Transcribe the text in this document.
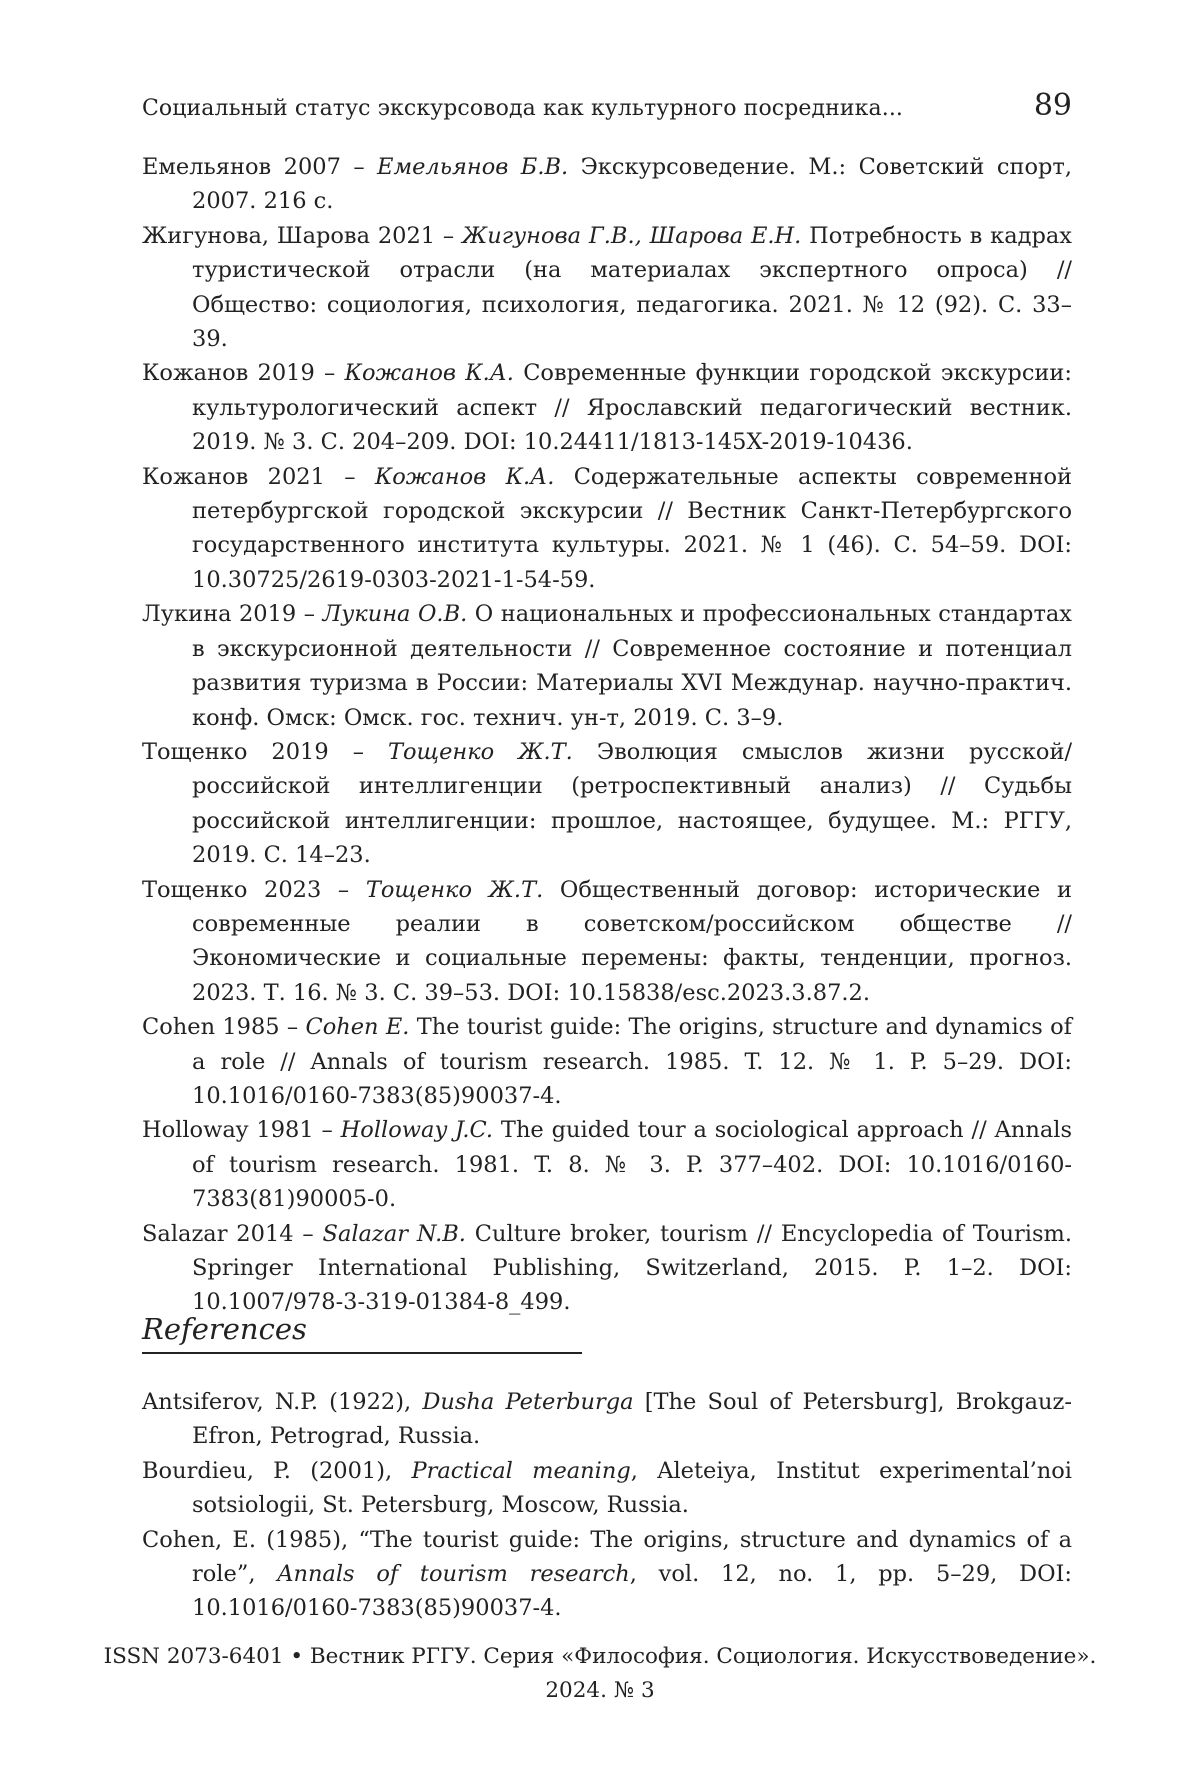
Социальный статус экскурсовода как культурного посредника...	89

Емельянов 2007 – Емельянов Б.В. Экскурсоведение. М.: Советский спорт, 2007. 216 с.

Жигунова, Шарова 2021 – Жигунова Г.В., Шарова Е.Н. Потребность в кадрах туристической отрасли (на материалах экспертного опроса) // Общество: социология, психология, педагогика. 2021. № 12 (92). С. 33–39.

Кожанов 2019 – Кожанов К.А. Современные функции городской экскурсии: культурологический аспект // Ярославский педагогический вестник. 2019. № 3. С. 204–209. DOI: 10.24411/1813-145X-2019-10436.

Кожанов 2021 – Кожанов К.А. Содержательные аспекты современной петербургской городской экскурсии // Вестник Санкт-Петербургского государственного института культуры. 2021. № 1 (46). С. 54–59. DOI: 10.30725/2619-0303-2021-1-54-59.

Лукина 2019 – Лукина О.В. О национальных и профессиональных стандартах в экскурсионной деятельности // Современное состояние и потенциал развития туризма в России: Материалы XVI Междунар. научно-практич. конф. Омск: Омск. гос. технич. ун-т, 2019. С. 3–9.

Тощенко 2019 – Тощенко Ж.Т. Эволюция смыслов жизни русской/российской интеллигенции (ретроспективный анализ) // Судьбы российской интеллигенции: прошлое, настоящее, будущее. М.: РГГУ, 2019. С. 14–23.

Тощенко 2023 – Тощенко Ж.Т. Общественный договор: исторические и современные реалии в советском/российском обществе // Экономические и социальные перемены: факты, тенденции, прогноз. 2023. Т. 16. № 3. С. 39–53. DOI: 10.15838/esc.2023.3.87.2.

Cohen 1985 – Cohen E. The tourist guide: The origins, structure and dynamics of a role // Annals of tourism research. 1985. T. 12. № 1. P. 5–29. DOI: 10.1016/0160-7383(85)90037-4.

Holloway 1981 – Holloway J.C. The guided tour a sociological approach // Annals of tourism research. 1981. T. 8. № 3. P. 377–402. DOI: 10.1016/0160-7383(81)90005-0.

Salazar 2014 – Salazar N.B. Culture broker, tourism // Encyclopedia of Tourism. Springer International Publishing, Switzerland, 2015. P. 1–2. DOI: 10.1007/978-3-319-01384-8_499.

References

Antsiferov, N.P. (1922), Dusha Peterburga [The Soul of Petersburg], Brokgauz-Efron, Petrograd, Russia.

Bourdieu, P. (2001), Practical meaning, Aleteiya, Institut experimental’noi sotsiologii, St. Petersburg, Moscow, Russia.

Cohen, E. (1985), “The tourist guide: The origins, structure and dynamics of a role”, Annals of tourism research, vol. 12, no. 1, pp. 5–29, DOI: 10.1016/0160-7383(85)90037-4.

ISSN 2073-6401 • Вестник РГГУ. Серия «Философия. Социология. Искусствоведение».
2024. № 3
